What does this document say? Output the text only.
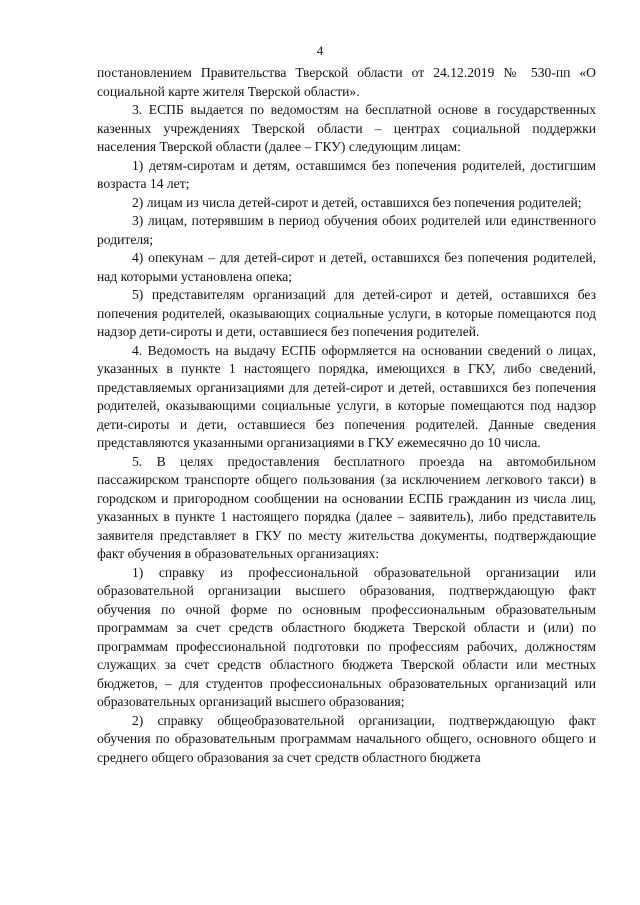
4

постановлением Правительства Тверской области от 24.12.2019 № 530-пп «О социальной карте жителя Тверской области».

3. ЕСПБ выдается по ведомостям на бесплатной основе в государственных казенных учреждениях Тверской области – центрах социальной поддержки населения Тверской области (далее – ГКУ) следующим лицам:

1) детям-сиротам и детям, оставшимся без попечения родителей, достигшим возраста 14 лет;

2) лицам из числа детей-сирот и детей, оставшихся без попечения родителей;

3) лицам, потерявшим в период обучения обоих родителей или единственного родителя;

4) опекунам – для детей-сирот и детей, оставшихся без попечения родителей, над которыми установлена опека;

5) представителям организаций для детей-сирот и детей, оставшихся без попечения родителей, оказывающих социальные услуги, в которые помещаются под надзор дети-сироты и дети, оставшиеся без попечения родителей.

4. Ведомость на выдачу ЕСПБ оформляется на основании сведений о лицах, указанных в пункте 1 настоящего порядка, имеющихся в ГКУ, либо сведений, представляемых организациями для детей-сирот и детей, оставшихся без попечения родителей, оказывающими социальные услуги, в которые помещаются под надзор дети-сироты и дети, оставшиеся без попечения родителей. Данные сведения представляются указанными организациями в ГКУ ежемесячно до 10 числа.

5. В целях предоставления бесплатного проезда на автомобильном пассажирском транспорте общего пользования (за исключением легкового такси) в городском и пригородном сообщении на основании ЕСПБ гражданин из числа лиц, указанных в пункте 1 настоящего порядка (далее – заявитель), либо представитель заявителя представляет в ГКУ по месту жительства документы, подтверждающие факт обучения в образовательных организациях:

1) справку из профессиональной образовательной организации или образовательной организации высшего образования, подтверждающую факт обучения по очной форме по основным профессиональным образовательным программам за счет средств областного бюджета Тверской области и (или) по программам профессиональной подготовки по профессиям рабочих, должностям служащих за счет средств областного бюджета Тверской области или местных бюджетов, – для студентов профессиональных образовательных организаций или образовательных организаций высшего образования;

2) справку общеобразовательной организации, подтверждающую факт обучения по образовательным программам начального общего, основного общего и среднего общего образования за счет средств областного бюджета
